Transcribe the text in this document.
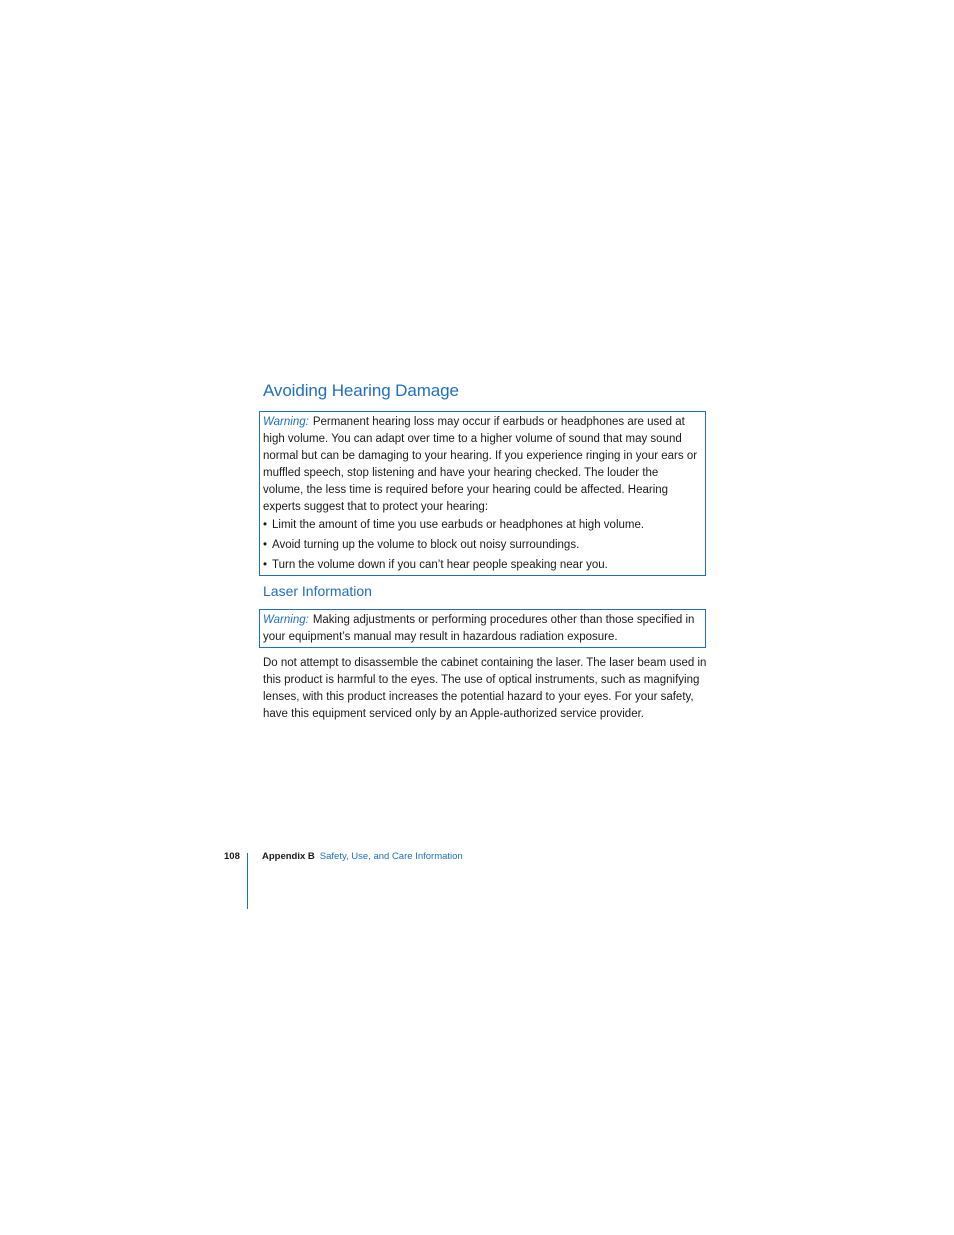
Avoiding Hearing Damage
Warning: Permanent hearing loss may occur if earbuds or headphones are used at high volume. You can adapt over time to a higher volume of sound that may sound normal but can be damaging to your hearing. If you experience ringing in your ears or muffled speech, stop listening and have your hearing checked. The louder the volume, the less time is required before your hearing could be affected. Hearing experts suggest that to protect your hearing:
• Limit the amount of time you use earbuds or headphones at high volume.
• Avoid turning up the volume to block out noisy surroundings.
• Turn the volume down if you can’t hear people speaking near you.
Laser Information
Warning: Making adjustments or performing procedures other than those specified in your equipment’s manual may result in hazardous radiation exposure.

Do not attempt to disassemble the cabinet containing the laser. The laser beam used in this product is harmful to the eyes. The use of optical instruments, such as magnifying lenses, with this product increases the potential hazard to your eyes. For your safety, have this equipment serviced only by an Apple-authorized service provider.

108 Appendix B Safety, Use, and Care Information
